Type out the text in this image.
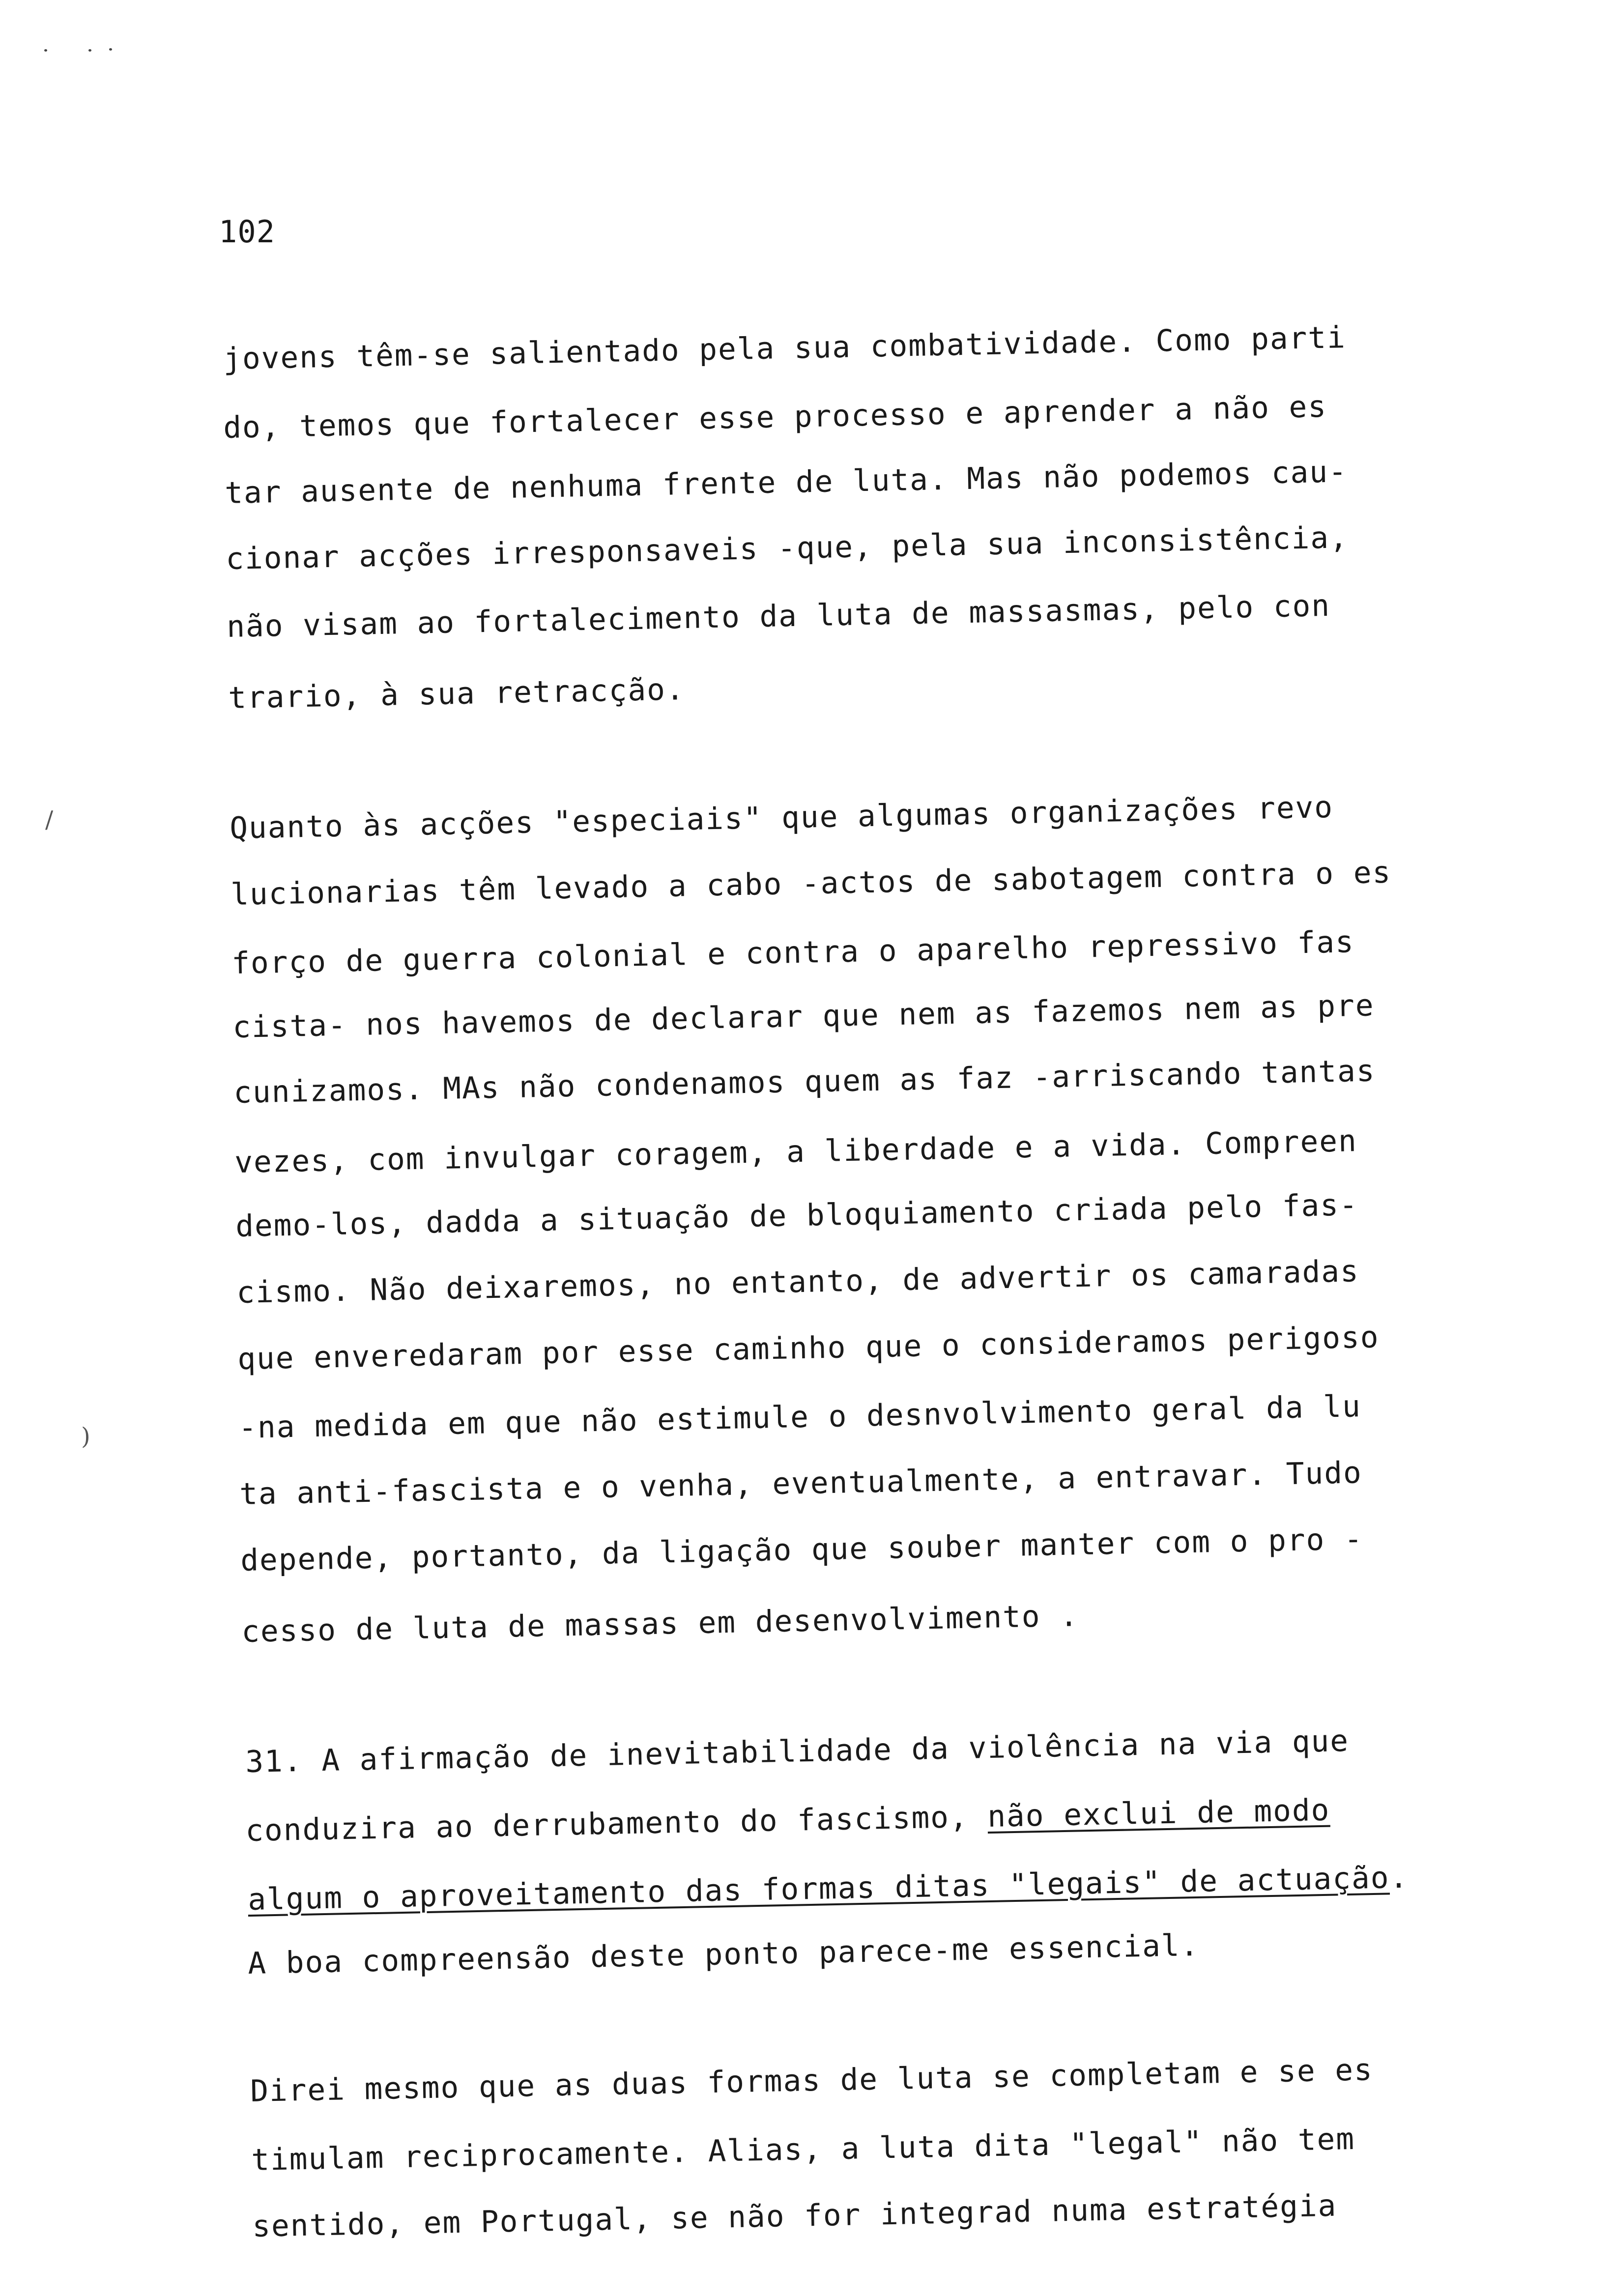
/
)
102
jovens têm-se salientado pela sua combatividade. Como parti
do, temos que fortalecer esse processo e aprender a não es
tar ausente de nenhuma frente de luta. Mas não podemos cau-
cionar acções irresponsaveis -que, pela sua inconsistência,
não visam ao fortalecimento da luta de massasmas, pelo con
trario, à sua retracção.
Quanto às acções "especiais" que algumas organizações revo
lucionarias têm levado a cabo -actos de sabotagem contra o es
forço de guerra colonial e contra o aparelho repressivo fas
cista- nos havemos de declarar que nem as fazemos nem as pre
cunizamos. MAs não condenamos quem as faz -arriscando tantas
vezes, com invulgar coragem, a liberdade e a vida. Compreen
demo-los, dadda a situação de bloquiamento criada pelo fas-
cismo. Não deixaremos, no entanto, de advertir os camaradas
que enveredaram por esse caminho que o consideramos perigoso
-na medida em que não estimule o desnvolvimento geral da lu
ta anti-fascista e o venha, eventualmente, a entravar. Tudo
depende, portanto, da ligação que souber manter com o pro -
cesso de luta de massas em desenvolvimento .
31. A afirmação de inevitabilidade da violência na via que
conduzira ao derrubamento do fascismo, não exclui de modo
algum o aproveitamento das formas ditas "legais" de actuação.
A boa compreensão deste ponto parece-me essencial.
Direi mesmo que as duas formas de luta se completam e se es
timulam reciprocamente. Alias, a luta dita "legal" não tem
sentido, em Portugal, se não for integrad numa estratégia
